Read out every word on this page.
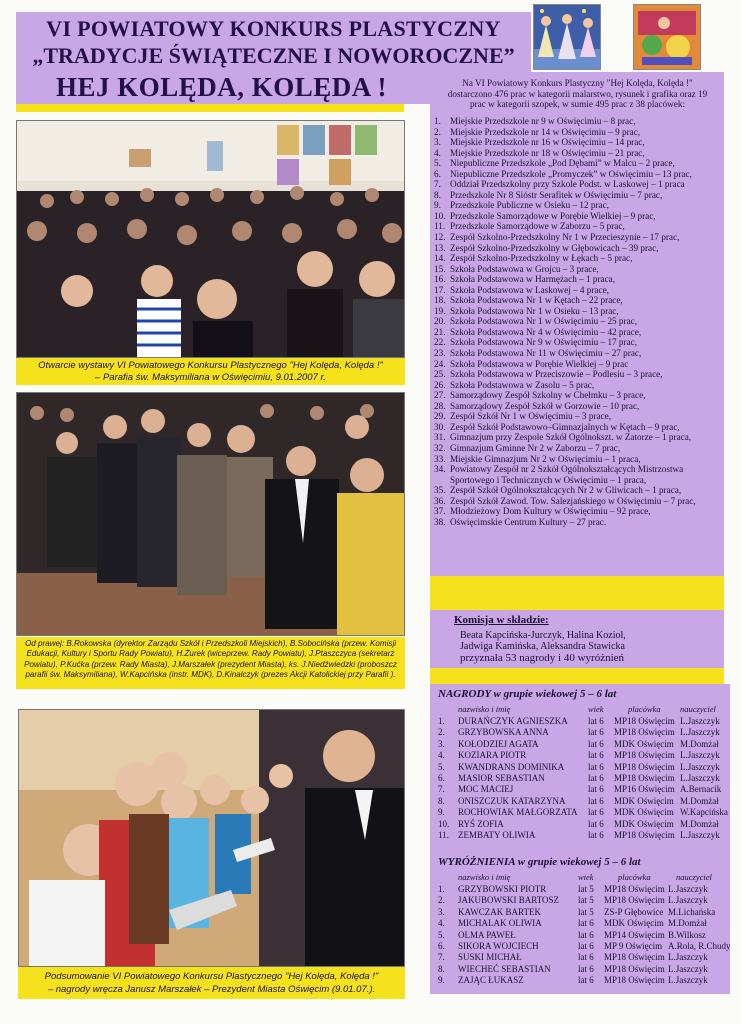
VI POWIATOWY KONKURS PLASTYCZNY
„TRADYCJE ŚWIĄTECZNE I NOWOROCZNE”
HEJ KOLĘDA, KOLĘDA !
Otwarcie wystawy VI Powiatowego Konkursu Plastycznego "Hej Kolęda, Kolęda !"
– Parafia św. Maksymiliana w Oświęcimiu, 9.01.2007 r.
Od prawej: B.Rokowska (dyrektor Zarządu Szkół i Przedszkoli Miejskich), B.Sobocińska (przew. Komisji Edukacji, Kultury i Sportu Rady Powiatu), H.Żurek (wiceprzew. Rady Powiatu), J.Ptaszczyca (sekretarz Powiatu), P.Kućka (przew. Rady Miasta), J.Marszałek (prezydent Miasta), ks. J.Niedźwiedzki (proboszcz parafii św. Maksymiliana), W.Kapcińska (instr. MDK), D.Kinalczyk (prezes Akcji Katolickiej przy Parafii ).
Podsumowanie VI Powiatowego Konkursu Plastycznego "Hej Kolęda, Kolęda !"
– nagrody wręcza Janusz Marszałek – Prezydent Miasta Oświęcim (9.01.07.).
Na VI Powiatowy Konkurs Plastyczny "Hej Kolęda, Kolęda !" dostarczono 476 prac w kategorii malarstwo, rysunek i grafika oraz 19 prac w kategorii szopek, w sumie 495 prac z 38 placówek:
1. Miejskie Przedszkole nr 9 w Oświęcimiu – 8 prac,
2. Miejskie Przedszkole nr 14 w Oświęcimiu – 9 prac,
3. Miejskie Przedszkole nr 16 w Oświęcimiu – 14 prac,
4. Miejskie Przedszkole nr 18 w Oświęcimiu – 21 prac,
5. Niepubliczne Przedszkole „Pod Dębami” w Malcu – 2 prace,
6. Niepubliczne Przedszkole „Promyczek” w Oświęcimiu – 13 prac,
7. Oddział Przedszkolny przy Szkole Podst. w Laskowej – 1 praca
8. Przedszkole Nr 8 Sióstr Serafitek w Oświęcimiu – 7 prac,
9. Przedszkole Publiczne w Osieku – 12 prac,
10. Przedszkole Samorządowe w Porębie Wielkiej – 9 prac,
11. Przedszkole Samorządowe w Zaborzu – 5 prac,
12. Zespół Szkolno-Przedszkolny Nr 1 w Przecieszynie – 17 prac,
13. Zespół Szkolno-Przedszkolny w Głębowicach – 39 prac,
14. Zespół Szkolno-Przedszkolny w Łękach – 5 prac,
15. Szkoła Podstawowa w Grojcu – 3 prace,
16. Szkoła Podstawowa w Harmężach – 1 praca,
17. Szkoła Podstawowa w Laskowej – 4 prace,
18. Szkoła Podstawowa Nr 1 w Kętach – 22 prace,
19. Szkoła Podstawowa Nr 1 w Osieku – 13 prac,
20. Szkoła Podstawowa Nr 1 w Oświęcimiu – 25 prac,
21. Szkoła Podstawowa Nr 4 w Oświęcimiu – 42 prace,
22. Szkoła Podstawowa Nr 9 w Oświęcimiu – 17 prac,
23. Szkoła Podstawowa Nr 11 w Oświęcimiu – 27 prac,
24. Szkoła Podstawowa w Porębie Wielkiej – 9 prac
25. Szkoła Podstawowa w Przeciszowie – Podlesiu – 3 prace,
26. Szkoła Podstawowa w Zasolu – 5 prac,
27. Samorządowy Zespół Szkolny w Chełmku – 3 prace,
28. Samorządowy Zespół Szkół w Gorzowie – 10 prac,
29. Zespół Szkół Nr 1 w Oświęcimiu – 3 prace,
30. Zespół Szkół Podstawowo–Gimnazjalnych w Kętach – 9 prac,
31. Gimnazjum przy Zespole Szkół Ogólnokszt. w Zatorze – 1 praca,
32. Gimnazjum Gminne Nr 2 w Zaborzu – 7 prac,
33. Miejskie Gimnazjum Nr 2 w Oświęcimiu – 1 praca,
34. Powiatowy Zespół nr 2 Szkół Ogólnokształcących Mistrzostwa Sportowego i Technicznych w Oświęcimiu – 1 praca,
35. Zespół Szkół Ogólnokształcących Nr 2 w Gliwicach – 1 praca,
36. Zespół Szkół Zawod. Tow. Salezjańskiego w Oświęcimiu – 7 prac,
37. Młodzieżowy Dom Kultury w Oświęcimiu – 92 prace,
38. Oświęcimskie Centrum Kultury – 27 prac.
Komisja w składzie:
Beata Kapcińska-Jurczyk, Halina Kozioł,
Jadwiga Kamińska, Aleksandra Stawicka
przyznała 53 nagrody i 40 wyróżnień
NAGRODY w grupie wiekowej 5 – 6 lat
nazwisko i imię	wiek	placówka nauczyciel
1. DURAŃCZYK AGNIESZKA lat 6 MP18 Oświęcim L.Jaszczyk
2. GRZYBOWSKA ANNA	lat 6 MP18 Oświęcim L.Jaszczyk
3. KOŁODZIEJ AGATA	lat 6 MDK Oświęcim M.Domżał
4. KOZIARA PIOTR	lat 6 MP18 Oświęcim L.Jaszczyk
5. KWANDRANS DOMINIKA	lat 6 MP18 Oświęcim L.Jaszczyk
6. MASIOR SEBASTIAN	lat 6 MP18 Oświęcim L.Jaszczyk
7. MOC MACIEJ	lat 6 MP16 Oświęcim A.Bernacik
8. ONISZCZUK KATARZYNA lat 6 MDK Oświęcim M.Domżał
9. ROCHOWIAK MAŁGORZATA lat 6 MDK Oświęcim W.Kapcińska
10. RYŚ ZOFIA	lat 6 MDK Oświęcim M.Domżał
11. ZEMBATY OLIWIA	lat 6 MP18 Oświęcim L.Jaszczyk
WYRÓŻNIENIA w grupie wiekowej 5 – 6 lat
nazwisko i imię	wiek	placówka	nauczyciel
1. GRZYBOWSKI PIOTR	lat 5 MP18 Oświęcim L.Jaszczyk
2. JAKUBOWSKI BARTOSZ lat 5 MP18 Oświęcim L.Jaszczyk
3. KAWCZAK BARTEK	lat 5 ZS-P Głębowice M.Lichańska
4. MICHALAK OLIWIA	lat 6 MDK Oświęcim M.Domżał
5. OLMA PAWEŁ	lat 6 MP14 Oświęcim B.Wilkosz
6. SIKORA WOJCIECH	lat 6 MP 9 Oświęcim A.Rola, R.Chudy
7. SUSKI MICHAŁ	lat 6 MP18 Oświęcim L.Jaszczyk
8. WIECHEĆ SEBASTIAN	lat 6 MP18 Oświęcim L.Jaszczyk
9. ZAJĄC ŁUKASZ	lat 6 MP18 Oświęcim L.Jaszczyk
